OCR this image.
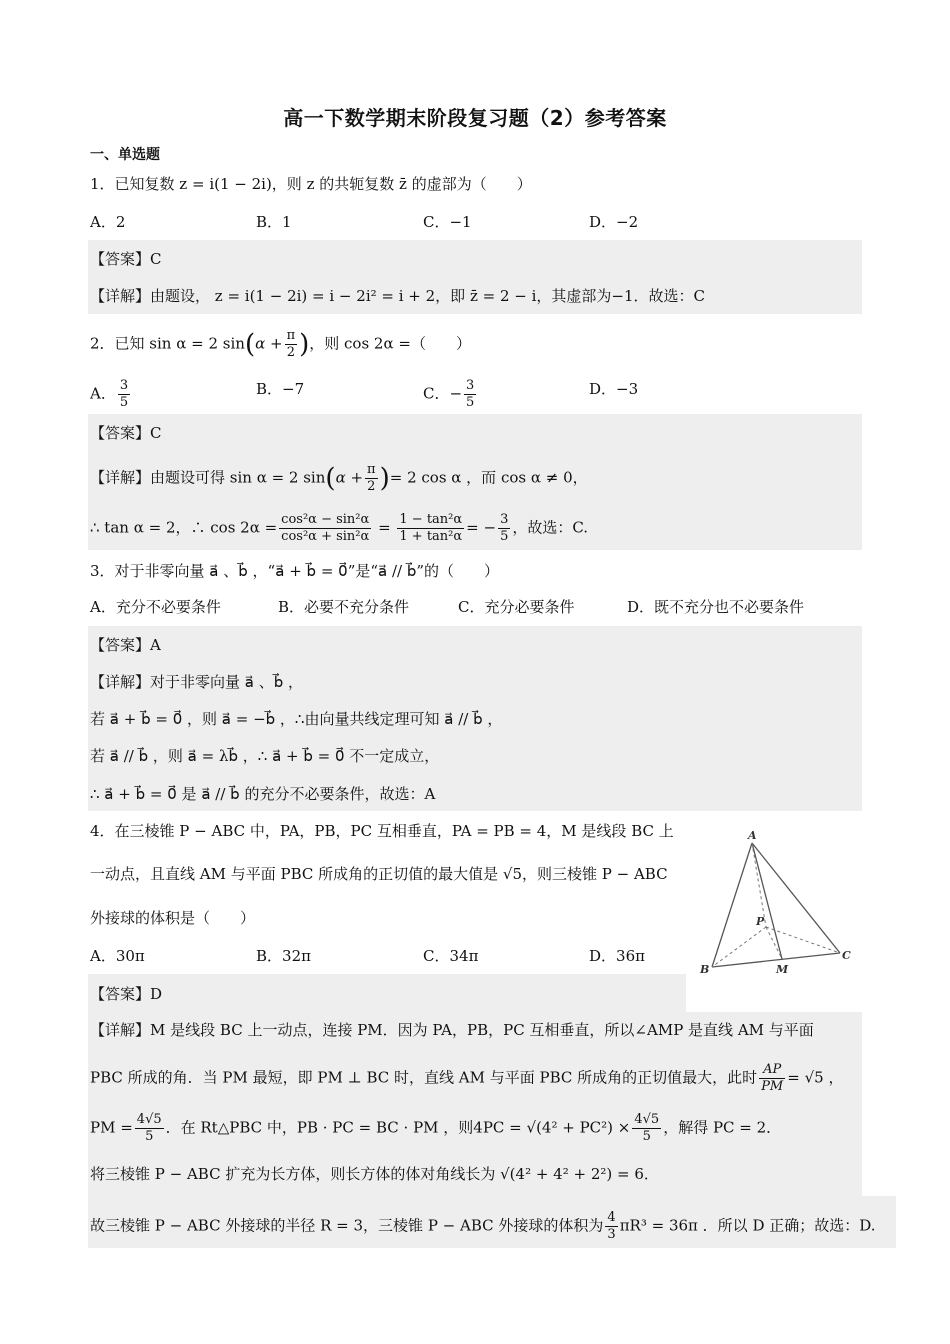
高一下数学期末阶段复习题（2）参考答案
一、单选题
1．已知复数 z = i(1 − 2i)，则 z 的共轭复数 z̄ 的虚部为（　　）
A．2	B．1	C．−1	D．−2
【答案】C
【详解】由题设， z = i(1 − 2i) = i − 2i² = i + 2，即 z̄ = 2 − i，其虚部为−1．故选：C
2．已知 sin α = 2 $\sin(\alpha + \frac{\pi}{2}$ )，则 cos 2α =（　　）
A． $\frac{3}{5}$	B．−7	C．− $\frac{3}{5}$	D．−3
【答案】C
【详解】由题设可得 sin α = 2 $\sin(\alpha + \frac{\pi}{2}$ )= 2 cos α ，而 cos α ≠ 0，
∴ tan α = 2，∴ $\cos 2\alpha = \frac{\text{cos²α − sin²α}}{\text{cos²α + sin²α}} = \frac{\text{1 − tan²α}}{\text{1 + tan²α}}$ = − $\frac{3}{5}$ ，故选：C.
3．对于非零向量 a⃗ 、b⃗ ，“a⃗ + b⃗ = 0⃗”是“a⃗ // b⃗”的（　　）
A．充分不必要条件	B．必要不充分条件	C．充分必要条件	D．既不充分也不必要条件
【答案】A
【详解】对于非零向量 a⃗ 、b⃗ ，
若 a⃗ + b⃗ = 0⃗ ，则 a⃗ = −b⃗ ，∴由向量共线定理可知 a⃗ // b⃗ ，
若 a⃗ // b⃗ ，则 a⃗ = λb⃗ ，∴ a⃗ + b⃗ = 0⃗ 不一定成立，
∴ a⃗ + b⃗ = 0⃗ 是 a⃗ // b⃗ 的充分不必要条件，故选：A
4．在三棱锥 P − ABC 中，PA，PB，PC 互相垂直，PA = PB = 4，M 是线段 BC 上
一动点，且直线 AM 与平面 PBC 所成角的正切值的最大值是 √5，则三棱锥 P − ABC
外接球的体积是（　　）
A．30π	B．32π	C．34π	D．36π
A
P
B	M
C
【答案】D
【详解】M 是线段 BC 上一动点，连接 PM．因为 PA，PB，PC 互相垂直，所以∠AMP 是直线 AM 与平面
PBC 所成的角．当 PM 最短，即 PM ⊥ BC 时，直线 AM 与平面 PBC 所成角的正切值最大，此时 $\frac{AP}{PM} = √5$ ，
PM = $\frac{4√5}{5}$ ．在 Rt△PBC 中，PB · PC = BC · PM ，则$4PC = √(4^2 + PC^2) \times \frac{4√5}{5}$ ，解得 PC = 2．
将三棱锥 P − ABC 扩充为长方体，则长方体的体对角线长为 √(4² + 4² + 2²) = 6．
故三棱锥 P − ABC 外接球的半径 R = 3，三棱锥 P − ABC 外接球的体积为 $\frac{4}{3} \pi R^3 = 36\pi$ ．所以 D 正确；故选：D.
